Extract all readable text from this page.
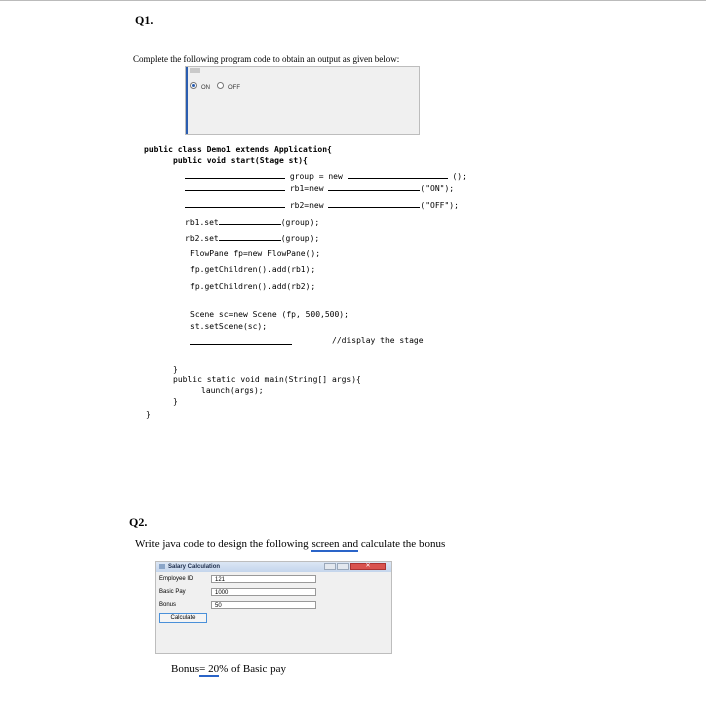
Q1.
Complete the following program code to obtain an output as given below:
ON	OFF
public class Demo1 extends Application{
public void start(Stage st){
group = new	();
rb1=new	("ON");
rb2=new	("OFF");
rb1.set	(group);
rb2.set	(group);
FlowPane fp=new FlowPane();
fp.getChildren().add(rb1);
fp.getChildren().add(rb2);
Scene sc=new Scene (fp, 500,500);
st.setScene(sc);
//display the stage
}
public static void main(String[] args){
launch(args);
}
}
Q2.
Write java code to design the following screen and calculate the bonus
Salary Calculation	✕
Employee ID	121
Basic Pay	1000
Bonus	50
Calculate
Bonus= 20% of Basic pay
